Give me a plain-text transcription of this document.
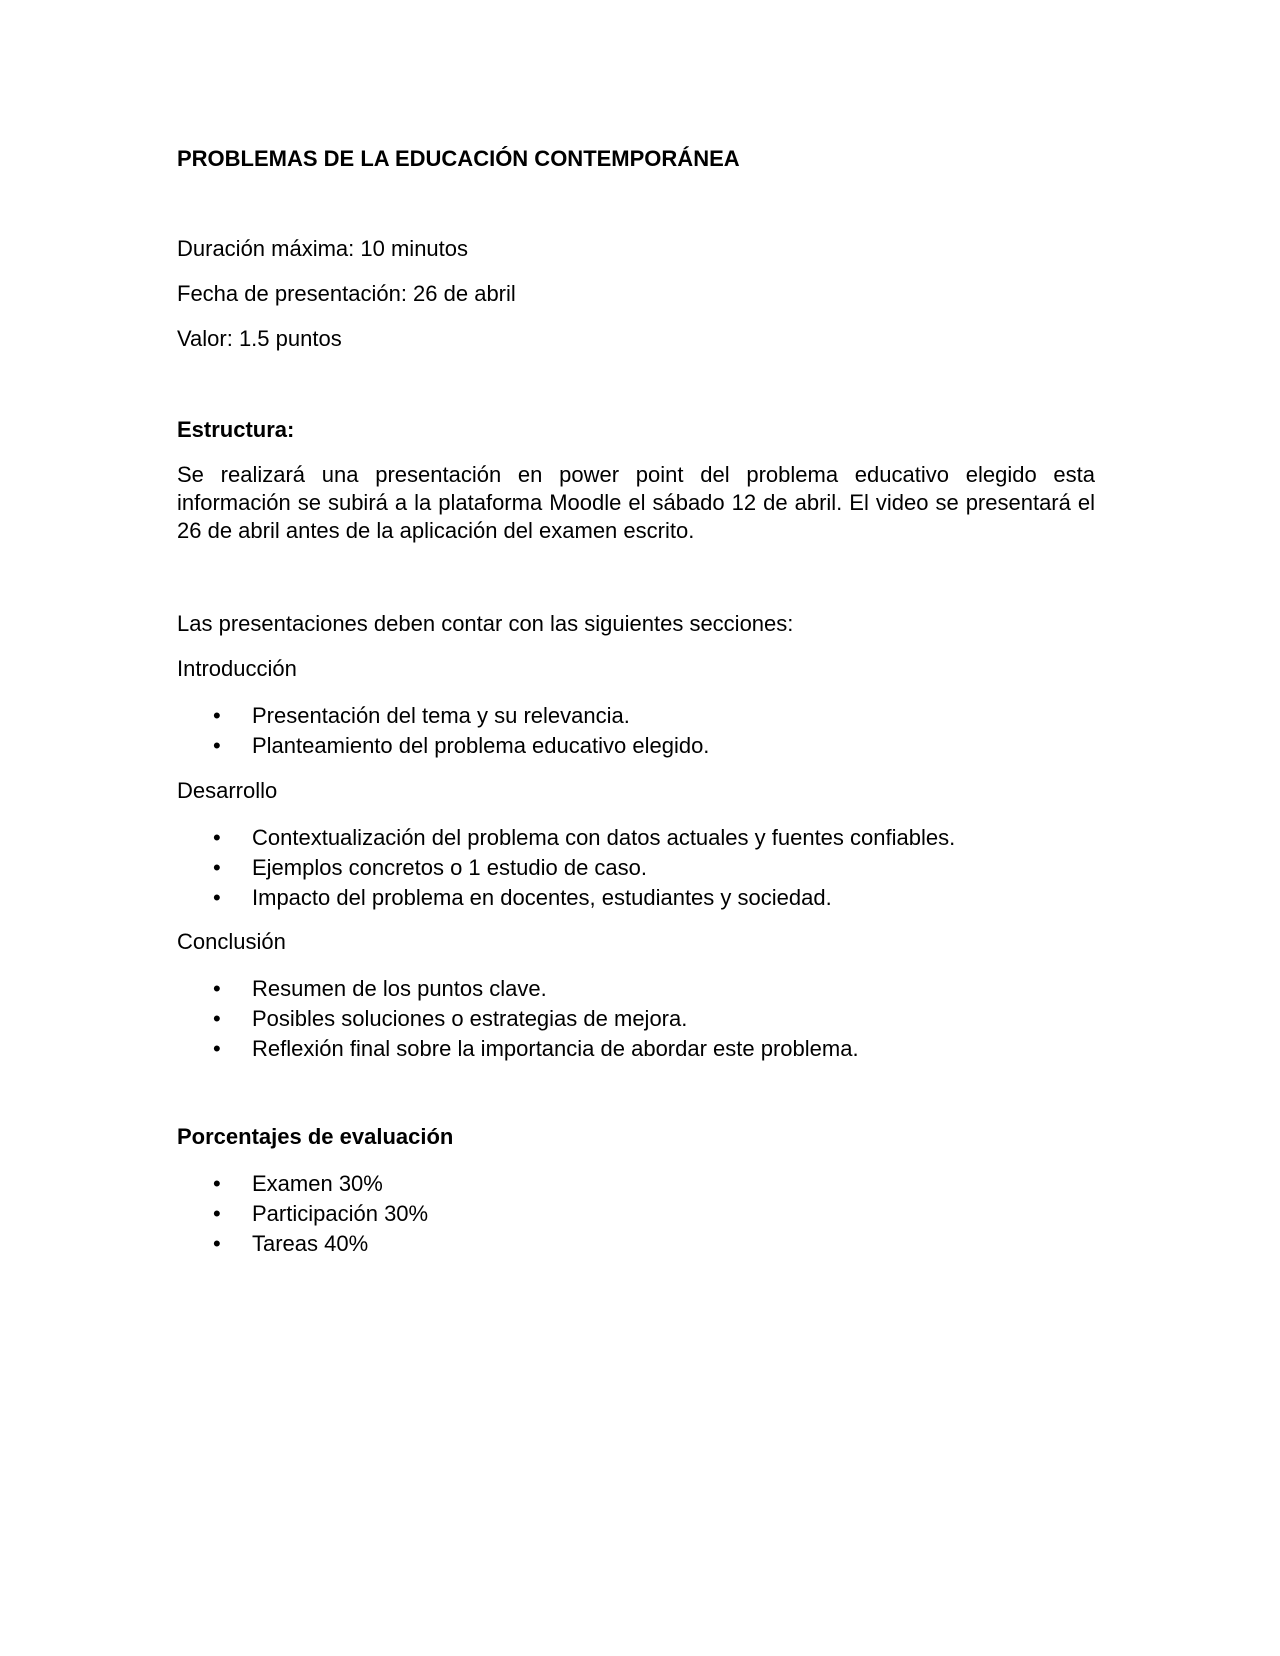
PROBLEMAS DE LA EDUCACIÓN CONTEMPORÁNEA
Duración máxima: 10 minutos
Fecha de presentación: 26 de abril
Valor: 1.5 puntos
Estructura:
Se realizará una presentación en power point del problema educativo elegido esta información se subirá a la plataforma Moodle el sábado 12 de abril. El video se presentará el 26 de abril antes de la aplicación del examen escrito.
Las presentaciones deben contar con las siguientes secciones:
Introducción
•	Presentación del tema y su relevancia.
•	Planteamiento del problema educativo elegido.
Desarrollo
•	Contextualización del problema con datos actuales y fuentes confiables.
•	Ejemplos concretos o 1 estudio de caso.
•	Impacto del problema en docentes, estudiantes y sociedad.
Conclusión
•	Resumen de los puntos clave.
•	Posibles soluciones o estrategias de mejora.
•	Reflexión final sobre la importancia de abordar este problema.
Porcentajes de evaluación
•	Examen 30%
•	Participación 30%
•	Tareas 40%
